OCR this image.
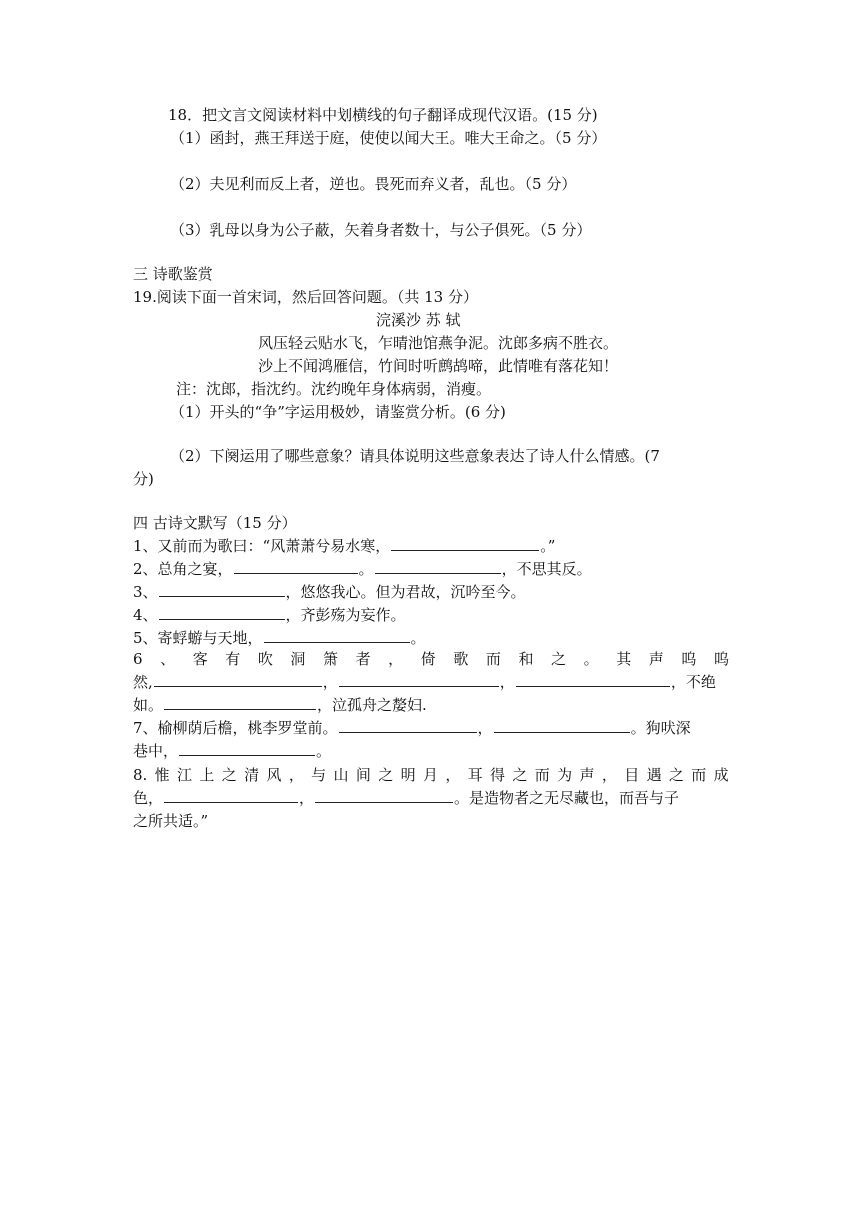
18．把文言文阅读材料中划横线的句子翻译成现代汉语。(15 分)
（1）函封，燕王拜送于庭，使使以闻大王。唯大王命之。（5 分）
（2）夫见利而反上者，逆也。畏死而弃义者，乱也。（5 分）
（3）乳母以身为公子蔽，矢着身者数十，与公子俱死。（5 分）
三 诗歌鉴赏
19.阅读下面一首宋词，然后回答问题。（共 13 分）
浣溪沙 苏 轼
风压轻云贴水飞，乍晴池馆燕争泥。沈郎多病不胜衣。
沙上不闻鸿雁信，竹间时听鹧鸪啼，此情唯有落花知！
注：沈郎，指沈约。沈约晚年身体病弱，消瘦。
（1）开头的“争”字运用极妙，请鉴赏分析。(6 分)
（2）下阕运用了哪些意象？请具体说明这些意象表达了诗人什么情感。(7
分)
四 古诗文默写（15 分）
1、又前而为歌曰：“风萧萧兮易水寒，	。”
2、总角之宴，	。	，不思其反。
3、	，悠悠我心。但为君故，沉吟至今。
4、	，齐彭殇为妄作。
5、寄蜉蝣与天地，	。
6 、 客 有 吹 洞 箫 者 ， 倚 歌 而 和 之 。 其 声 呜 呜
然,	，	，	，不绝
如。	，泣孤舟之嫠妇.
7、榆柳荫后檐，桃李罗堂前。	，	。狗吠深
巷中，	。
8. 惟 江 上 之 清 风 ， 与 山 间 之 明 月 ， 耳 得 之 而 为 声 ， 目 遇 之 而 成
色，	，	。是造物者之无尽藏也，而吾与子
之所共适。”
